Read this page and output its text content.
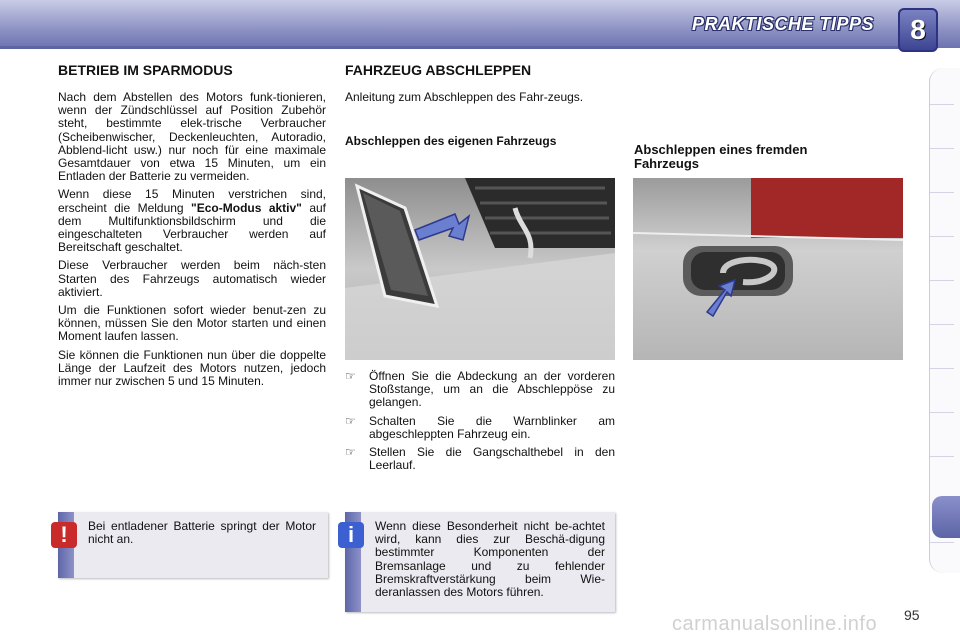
PRAKTISCHE TIPPS	8
BETRIEB IM SPARMODUS

Nach dem Abstellen des Motors funk-tionieren, wenn der Zündschlüssel auf Position Zubehör steht, bestimmte elek-trische Verbraucher (Scheibenwischer, Deckenleuchten, Autoradio, Abblend-licht usw.) nur noch für eine maximale Gesamtdauer von etwa 15 Minuten, um ein Entladen der Batterie zu vermeiden.

Wenn diese 15 Minuten verstrichen sind, erscheint die Meldung "Eco-Modus aktiv" auf dem Multifunktionsbildschirm und die eingeschalteten Verbraucher werden auf Bereitschaft geschaltet.

Diese Verbraucher werden beim näch-sten Starten des Fahrzeugs automatisch wieder aktiviert.

Um die Funktionen sofort wieder benut-zen zu können, müssen Sie den Motor starten und einen Moment laufen lassen.

Sie können die Funktionen nun über die doppelte Länge der Laufzeit des Motors nutzen, jedoch immer nur zwischen 5 und 15 Minuten.

FAHRZEUG ABSCHLEPPEN

Anleitung zum Abschleppen des Fahr-zeugs.

Abschleppen des eigenen Fahrzeugs

Abschleppen eines fremden Fahrzeugs
☞	Öffnen Sie die Abdeckung an der vorderen Stoßstange, um an die Abschleppöse zu gelangen.
☞	Schalten Sie die Warnblinker am abgeschleppten Fahrzeug ein.
☞	Stellen Sie die Gangschalthebel in den Leerlauf.
!	Bei entladener Batterie springt der Motor nicht an.	i	Wenn diese Besonderheit nicht be-achtet wird, kann dies zur Beschä-digung bestimmter Komponenten der Bremsanlage und zu fehlender Bremskraftverstärkung beim Wie-deranlassen des Motors führen.
carmanualsonline.info 95
